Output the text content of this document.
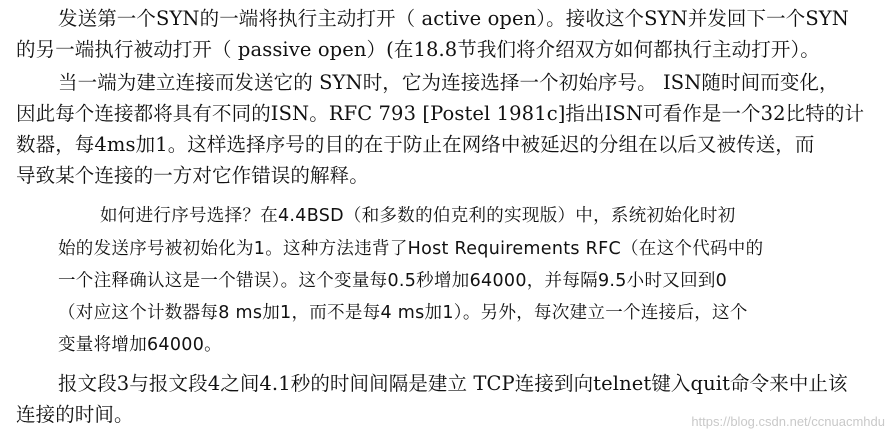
发送第一个SYN的一端将执行主动打开（ active open）。接收这个SYN并发回下一个SYN
的另一端执行被动打开（ passive open）(在18.8节我们将介绍双方如何都执行主动打开）。
当一端为建立连接而发送它的 SYN时，它为连接选择一个初始序号。 ISN随时间而变化，
因此每个连接都将具有不同的ISN。RFC 793 [Postel 1981c]指出ISN可看作是一个32比特的计
数器，每4ms加1。这样选择序号的目的在于防止在网络中被延迟的分组在以后又被传送，而
导致某个连接的一方对它作错误的解释。
如何进行序号选择？在4.4BSD（和多数的伯克利的实现版）中，系统初始化时初
始的发送序号被初始化为1。这种方法违背了Host Requirements RFC（在这个代码中的
一个注释确认这是一个错误）。这个变量每0.5秒增加64000，并每隔9.5小时又回到0
（对应这个计数器每8 ms加1，而不是每4 ms加1）。另外，每次建立一个连接后，这个
变量将增加64000。
报文段3与报文段4之间4.1秒的时间间隔是建立 TCP连接到向telnet键入quit命令来中止该
连接的时间。	https://blog.csdn.net/ccnuacmhdu
